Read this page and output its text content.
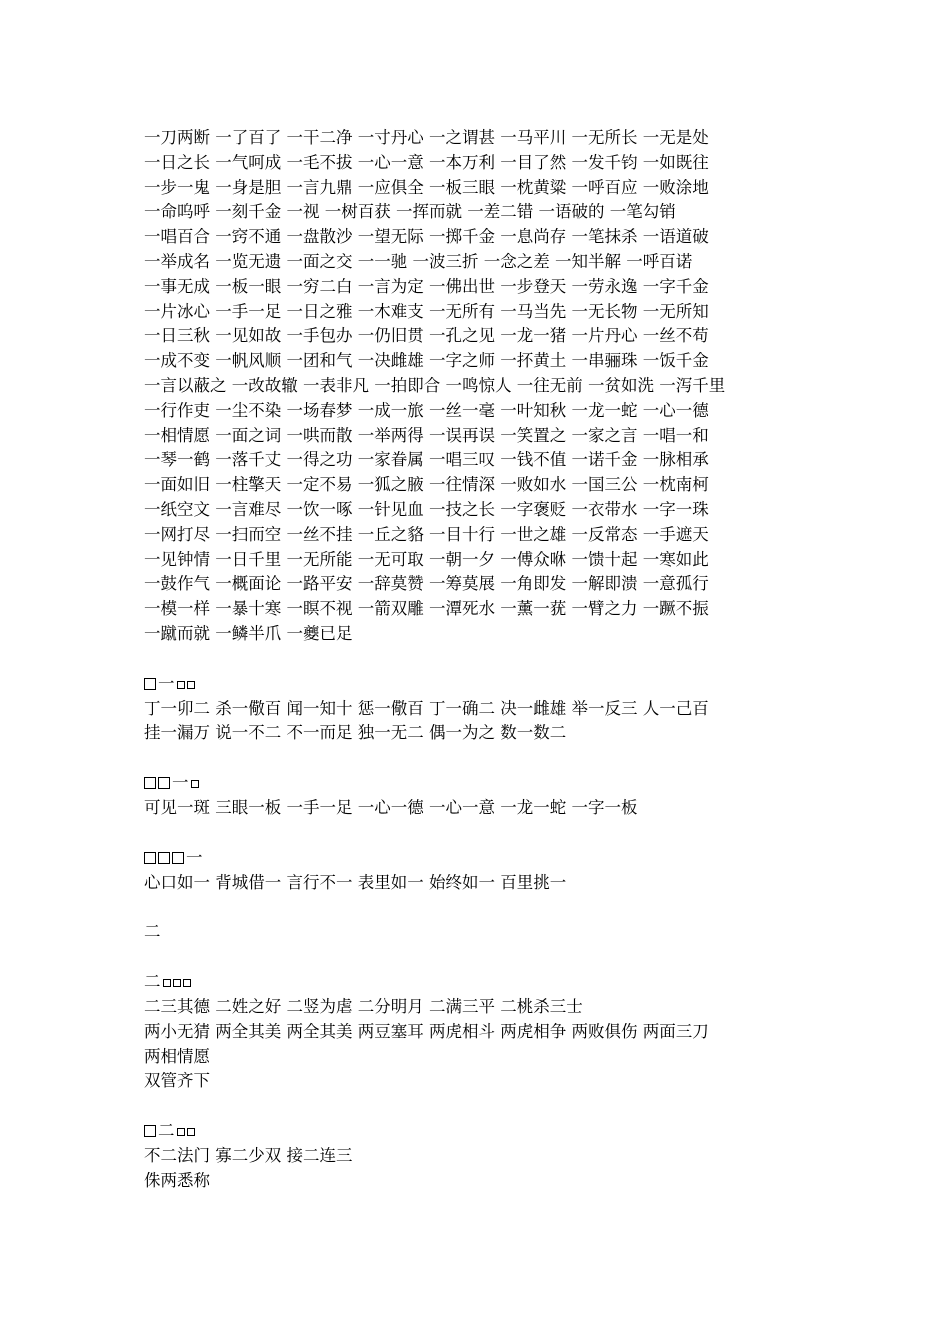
一刀两断 一了百了 一干二净 一寸丹心 一之谓甚 一马平川 一无所长 一无是处
一日之长 一气呵成 一毛不拔 一心一意 一本万利 一目了然 一发千钧 一如既往
一步一鬼 一身是胆 一言九鼎 一应俱全 一板三眼 一枕黄粱 一呼百应 一败涂地
一命呜呼 一刻千金 一视 一树百获 一挥而就 一差二错 一语破的 一笔勾销
一唱百合 一窍不通 一盘散沙 一望无际 一掷千金 一息尚存 一笔抹杀 一语道破
一举成名 一览无遗 一面之交 一一驰 一波三折 一念之差 一知半解 一呼百诺
一事无成 一板一眼 一穷二白 一言为定 一佛出世 一步登天 一劳永逸 一字千金
一片冰心 一手一足 一日之雅 一木难支 一无所有 一马当先 一无长物 一无所知
一日三秋 一见如故 一手包办 一仍旧贯 一孔之见 一龙一猪 一片丹心 一丝不苟
一成不变 一帆风顺 一团和气 一决雌雄 一字之师 一抔黄土 一串骊珠 一饭千金
一言以蔽之 一改故辙 一表非凡 一拍即合 一鸣惊人 一往无前 一贫如洗 一泻千里
一行作吏 一尘不染 一场春梦 一成一旅 一丝一毫 一叶知秋 一龙一蛇 一心一德
一相情愿 一面之词 一哄而散 一举两得 一误再误 一笑置之 一家之言 一唱一和
一琴一鹤 一落千丈 一得之功 一家眷属 一唱三叹 一钱不值 一诺千金 一脉相承
一面如旧 一柱擎天 一定不易 一狐之腋 一往情深 一败如水 一国三公 一枕南柯
一纸空文 一言难尽 一饮一啄 一针见血 一技之长 一字褒贬 一衣带水 一字一珠
一网打尽 一扫而空 一丝不挂 一丘之貉 一目十行 一世之雄 一反常态 一手遮天
一见钟情 一日千里 一无所能 一无可取 一朝一夕 一傅众咻 一馈十起 一寒如此
一鼓作气 一概面论 一路平安 一辞莫赞 一筹莫展 一角即发 一解即溃 一意孤行
一模一样 一暴十寒 一瞑不视 一箭双雕 一潭死水 一薰一莸 一臂之力 一蹶不振
一蹴而就 一鳞半爪 一夔已足
一
丁一卯二 杀一儆百 闻一知十 惩一儆百 丁一确二 决一雌雄 举一反三 人一己百
挂一漏万 说一不二 不一而足 独一无二 偶一为之 数一数二
一
可见一斑 三眼一板 一手一足 一心一德 一心一意 一龙一蛇 一字一板
一
心口如一 背城借一 言行不一 表里如一 始终如一 百里挑一
二
二
二三其德 二姓之好 二竖为虐 二分明月 二满三平 二桃杀三士
两小无猜 两全其美 两全其美 两豆塞耳 两虎相斗 两虎相争 两败俱伤 两面三刀
两相情愿
双管齐下
二
不二法门 寡二少双 接二连三
侏两悉称
